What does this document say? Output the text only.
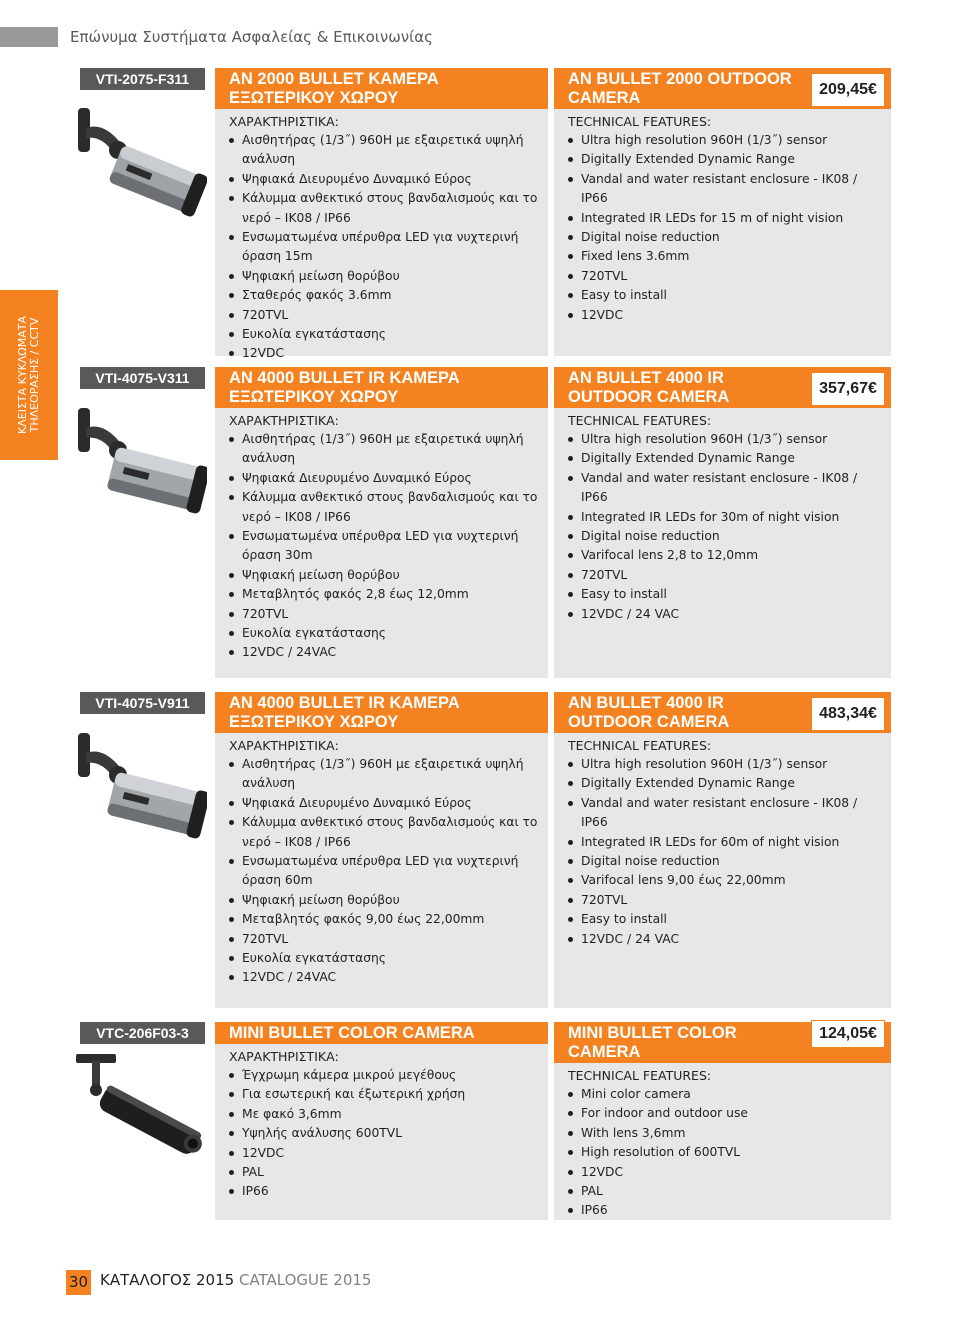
Επώνυμα Συστήματα Ασφαλείας & Επικοινωνίας
ΚΛΕΙΣΤΑ ΚΥΚΛΩΜΑΤΑ ΤΗΛΕΟΡΑΣΗΣ / CCTV
VTI-2075-F311	AN 2000 BULLET ΚΑΜΕΡΑ ΕΞΩΤΕΡΙΚΟΥ ΧΩΡΟΥ
ΧΑΡΑΚΤΗΡΙΣΤΙΚΑ:
Αισθητήρας (1/3˝) 960H με εξαιρετικά υψηλή ανάλυση
Ψηφιακά Διευρυμένο Δυναμικό Εύρος
Κάλυμμα ανθεκτικό στους βανδαλισμούς και το νερό – IK08 / IP66
Ενσωματωμένα υπέρυθρα LED για νυχτερινή όραση 15m
Ψηφιακή μείωση θορύβου
Σταθερός φακός 3.6mm
720TVL
Ευκολία εγκατάστασης
12VDC
AN BULLET 2000 OUTDOOR CAMERA
TECHNICAL FEATURES:
Ultra high resolution 960H (1/3˝) sensor
Digitally Extended Dynamic Range
Vandal and water resistant enclosure - IK08 / IP66
Integrated IR LEDs for 15 m of night vision
Digital noise reduction
Fixed lens 3.6mm
720TVL
Easy to install
12VDC
209,45€
VTI-4075-V311	AN 4000 BULLET IR ΚΑΜΕΡΑ ΕΞΩΤΕΡΙΚΟΥ ΧΩΡΟΥ
ΧΑΡΑΚΤΗΡΙΣΤΙΚΑ:
Αισθητήρας (1/3˝) 960H με εξαιρετικά υψηλή ανάλυση
Ψηφιακά Διευρυμένο Δυναμικό Εύρος
Κάλυμμα ανθεκτικό στους βανδαλισμούς και το νερό – IK08 / IP66
Ενσωματωμένα υπέρυθρα LED για νυχτερινή όραση 30m
Ψηφιακή μείωση θορύβου
Μεταβλητός φακός 2,8 έως 12,0mm
720TVL
Ευκολία εγκατάστασης
12VDC / 24VAC
AN BULLET 4000 IR OUTDOOR CAMERA
TECHNICAL FEATURES:
Ultra high resolution 960H (1/3˝) sensor
Digitally Extended Dynamic Range
Vandal and water resistant enclosure - IK08 / IP66
Integrated IR LEDs for 30m of night vision
Digital noise reduction
Varifocal lens 2,8 to 12,0mm
720TVL
Easy to install
12VDC / 24 VAC
357,67€
VTI-4075-V911	AN 4000 BULLET IR ΚΑΜΕΡΑ ΕΞΩΤΕΡΙΚΟΥ ΧΩΡΟΥ
ΧΑΡΑΚΤΗΡΙΣΤΙΚΑ:
Αισθητήρας (1/3˝) 960H με εξαιρετικά υψηλή ανάλυση
Ψηφιακά Διευρυμένο Δυναμικό Εύρος
Κάλυμμα ανθεκτικό στους βανδαλισμούς και το νερό – IK08 / IP66
Ενσωματωμένα υπέρυθρα LED για νυχτερινή όραση 60m
Ψηφιακή μείωση θορύβου
Μεταβλητός φακός 9,00 έως 22,00mm
720TVL
Ευκολία εγκατάστασης
12VDC / 24VAC
AN BULLET 4000 IR OUTDOOR CAMERA
TECHNICAL FEATURES:
Ultra high resolution 960H (1/3˝) sensor
Digitally Extended Dynamic Range
Vandal and water resistant enclosure - IK08 / IP66
Integrated IR LEDs for 60m of night vision
Digital noise reduction
Varifocal lens 9,00 έως 22,00mm
720TVL
Easy to install
12VDC / 24 VAC
483,34€
VTC-206F03-3	MINI BULLET COLOR CAMERA
ΧΑΡΑΚΤΗΡΙΣΤΙΚΑ:
Έγχρωμη κάμερα μικρού μεγέθους
Για εσωτερική και έξωτερική χρήση
Με φακό 3,6mm
Υψηλής ανάλυσης 600TVL
12VDC
PAL
IP66
MINI BULLET COLOR CAMERA
TECHNICAL FEATURES:
Mini color camera
For indoor and outdoor use
With lens 3,6mm
High resolution of 600TVL
12VDC
PAL
IP66
124,05€
30 ΚΑΤΑΛΟΓΟΣ 2015 CATALOGUE 2015
